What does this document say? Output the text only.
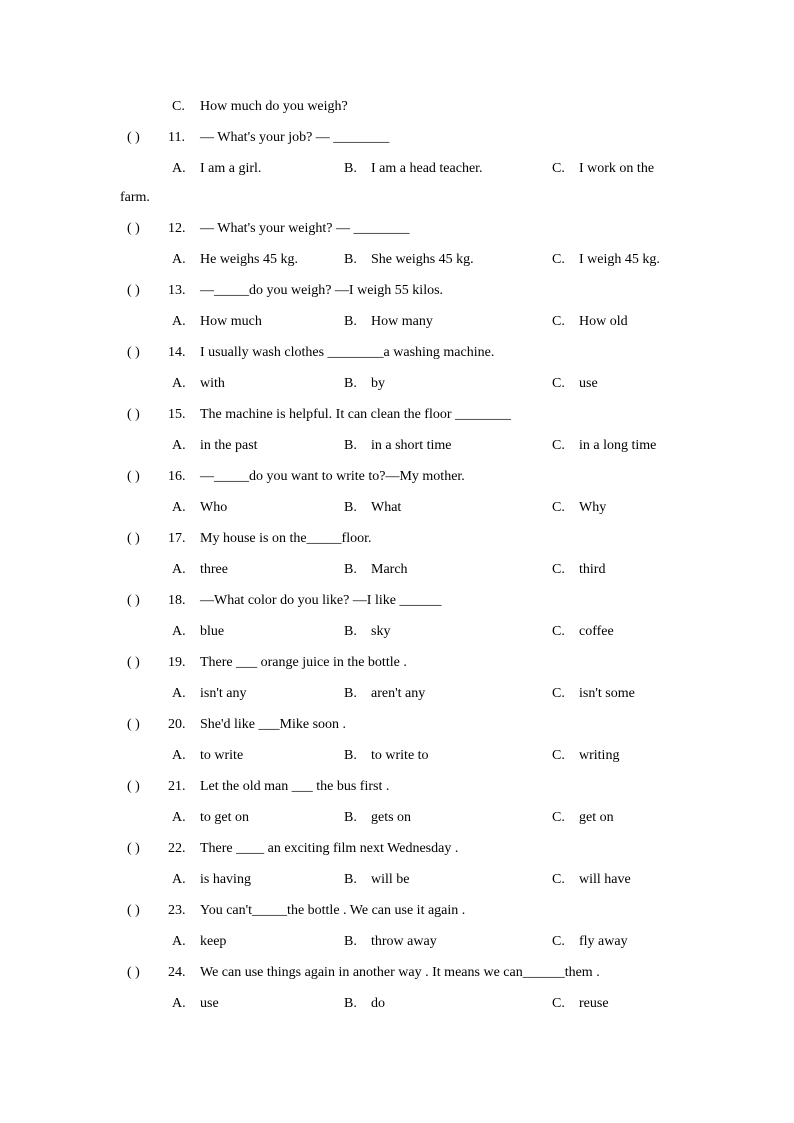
C. How much do you weigh?
( ) 11. — What's your job? — ________
A. I am a girl.	B. I am a head teacher.	C. I work on the
farm.
( ) 12. — What's your weight? — ________
A. He weighs 45 kg.	B. She weighs 45 kg.	C. I weigh 45 kg.
( ) 13. —_____do you weigh? —I weigh 55 kilos.
A. How much	B. How many	C. How old
( ) 14. I usually wash clothes ________a washing machine.
A. with	B. by	C. use
( ) 15. The machine is helpful. It can clean the floor ________
A. in the past	B. in a short time	C. in a long time
( ) 16. —_____do you want to write to?—My mother.
A. Who	B. What	C. Why
( ) 17. My house is on the_____floor.
A. three	B. March	C. third
( ) 18. —What color do you like? —I like ______
A. blue	B. sky	C. coffee
( ) 19. There ___ orange juice in the bottle .
A. isn't any	B. aren't any	C. isn't some
( ) 20. She'd like ___Mike soon .
A. to write	B. to write to	C. writing
( ) 21. Let the old man ___ the bus first .
A. to get on	B. gets on	C. get on
( ) 22. There ____ an exciting film next Wednesday .
A. is having	B. will be	C. will have
( ) 23. You can't_____the bottle . We can use it again .
A. keep	B. throw away	C. fly away
( ) 24. We can use things again in another way . It means we can______them .
A. use	B. do	C. reuse
